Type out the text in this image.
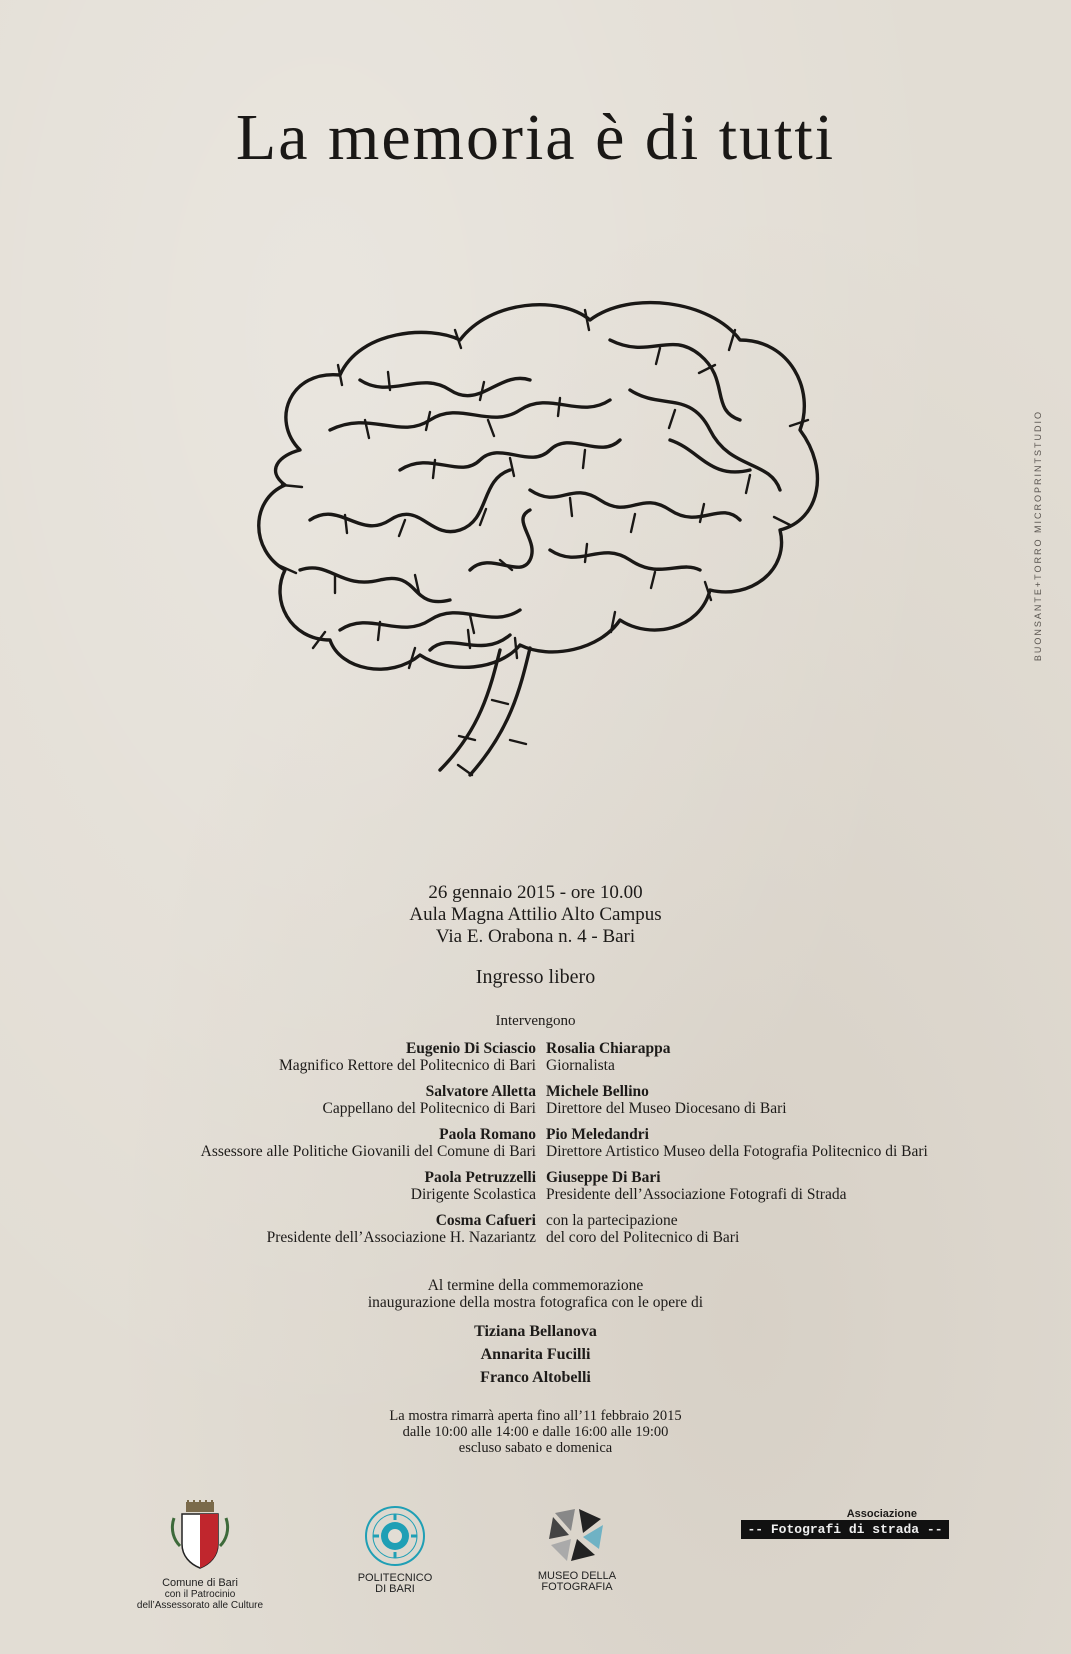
La memoria è di tutti
BUONSANTE+TORRO MICROPRINTSTUDIO
26 gennaio 2015 - ore 10.00
Aula Magna Attilio Alto Campus
Via E. Orabona n. 4 - Bari
Ingresso libero
Intervengono
Eugenio Di Sciascio
Magnifico Rettore del Politecnico di Bari
Salvatore Alletta
Cappellano del Politecnico di Bari
Paola Romano
Assessore alle Politiche Giovanili del Comune di Bari
Paola Petruzzelli
Dirigente Scolastica
Cosma Cafueri
Presidente dell’Associazione H. Nazariantz
Rosalia Chiarappa
Giornalista
Michele Bellino
Direttore del Museo Diocesano di Bari
Pio Meledandri
Direttore Artistico Museo della Fotografia Politecnico di Bari
Giuseppe Di Bari
Presidente dell’Associazione Fotografi di Strada
con la partecipazione
del coro del Politecnico di Bari
Al termine della commemorazione
inaugurazione della mostra fotografica con le opere di
Tiziana Bellanova
Annarita Fucilli
Franco Altobelli
La mostra rimarrà aperta fino all’11 febbraio 2015
dalle 10:00 alle 14:00 e dalle 16:00 alle 19:00
escluso sabato e domenica
Comune di Bari
con il Patrocinio
dell’Assessorato alle Culture
POLITECNICO
DI BARI
MUSEO DELLA
FOTOGRAFIA
Associazione
-- Fotografi di strada --
